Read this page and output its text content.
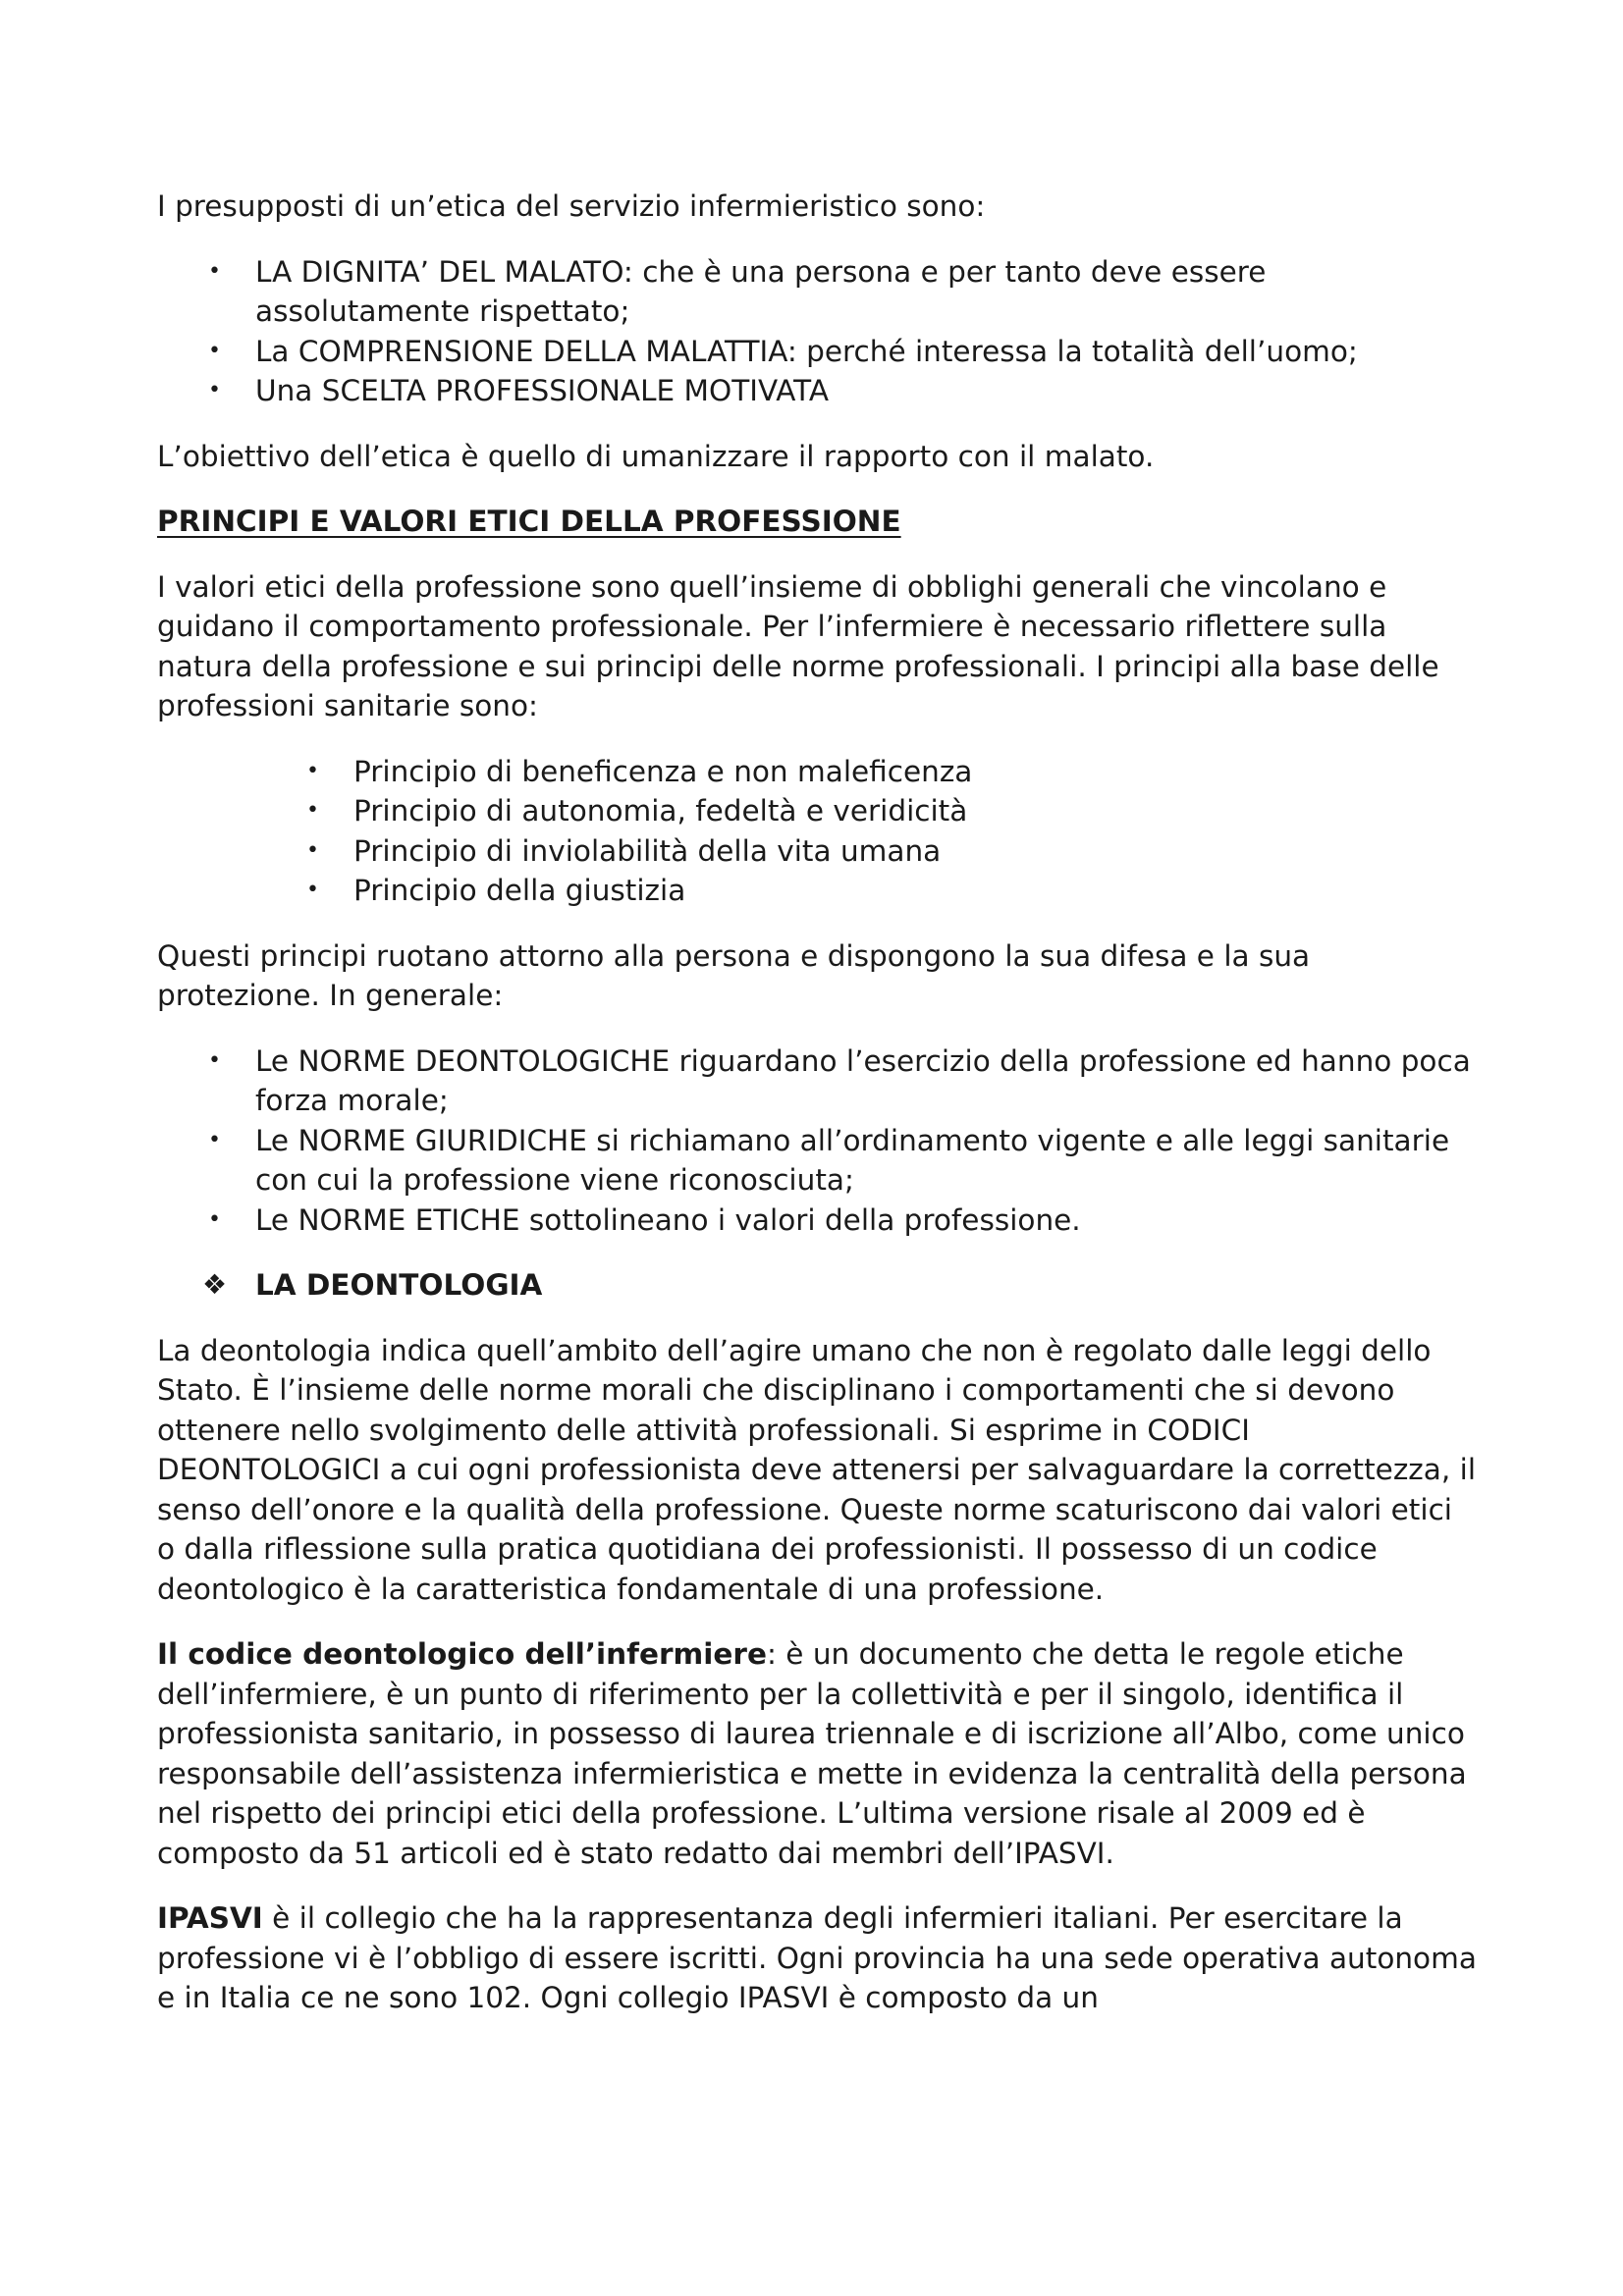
I presupposti di un’etica del servizio infermieristico sono:

• LA DIGNITA’ DEL MALATO: che è una persona e per tanto deve essere assolutamente rispettato;
• La COMPRENSIONE DELLA MALATTIA: perché interessa la totalità dell’uomo;
• Una SCELTA PROFESSIONALE MOTIVATA

L’obiettivo dell’etica è quello di umanizzare il rapporto con il malato.

PRINCIPI E VALORI ETICI DELLA PROFESSIONE

I valori etici della professione sono quell’insieme di obblighi generali che vincolano e guidano il comportamento professionale. Per l’infermiere è necessario riflettere sulla natura della professione e sui principi delle norme professionali. I principi alla base delle professioni sanitarie sono:

• Principio di beneficenza e non maleficenza
• Principio di autonomia, fedeltà e veridicità
• Principio di inviolabilità della vita umana
• Principio della giustizia

Questi principi ruotano attorno alla persona e dispongono la sua difesa e la sua protezione. In generale:

• Le NORME DEONTOLOGICHE riguardano l’esercizio della professione ed hanno poca forza morale;
• Le NORME GIURIDICHE si richiamano all’ordinamento vigente e alle leggi sanitarie con cui la professione viene riconosciuta;
• Le NORME ETICHE sottolineano i valori della professione.
❖ LA DEONTOLOGIA

La deontologia indica quell’ambito dell’agire umano che non è regolato dalle leggi dello Stato. È l’insieme delle norme morali che disciplinano i comportamenti che si devono ottenere nello svolgimento delle attività professionali. Si esprime in CODICI DEONTOLOGICI a cui ogni professionista deve attenersi per salvaguardare la correttezza, il senso dell’onore e la qualità della professione. Queste norme scaturiscono dai valori etici o dalla riflessione sulla pratica quotidiana dei professionisti. Il possesso di un codice deontologico è la caratteristica fondamentale di una professione.

Il codice deontologico dell’infermiere: è un documento che detta le regole etiche dell’infermiere, è un punto di riferimento per la collettività e per il singolo, identifica il professionista sanitario, in possesso di laurea triennale e di iscrizione all’Albo, come unico responsabile dell’assistenza infermieristica e mette in evidenza la centralità della persona nel rispetto dei principi etici della professione. L’ultima versione risale al 2009 ed è composto da 51 articoli ed è stato redatto dai membri dell’IPASVI.

IPASVI è il collegio che ha la rappresentanza degli infermieri italiani. Per esercitare la professione vi è l’obbligo di essere iscritti. Ogni provincia ha una sede operativa autonoma e in Italia ce ne sono 102. Ogni collegio IPASVI è composto da un
